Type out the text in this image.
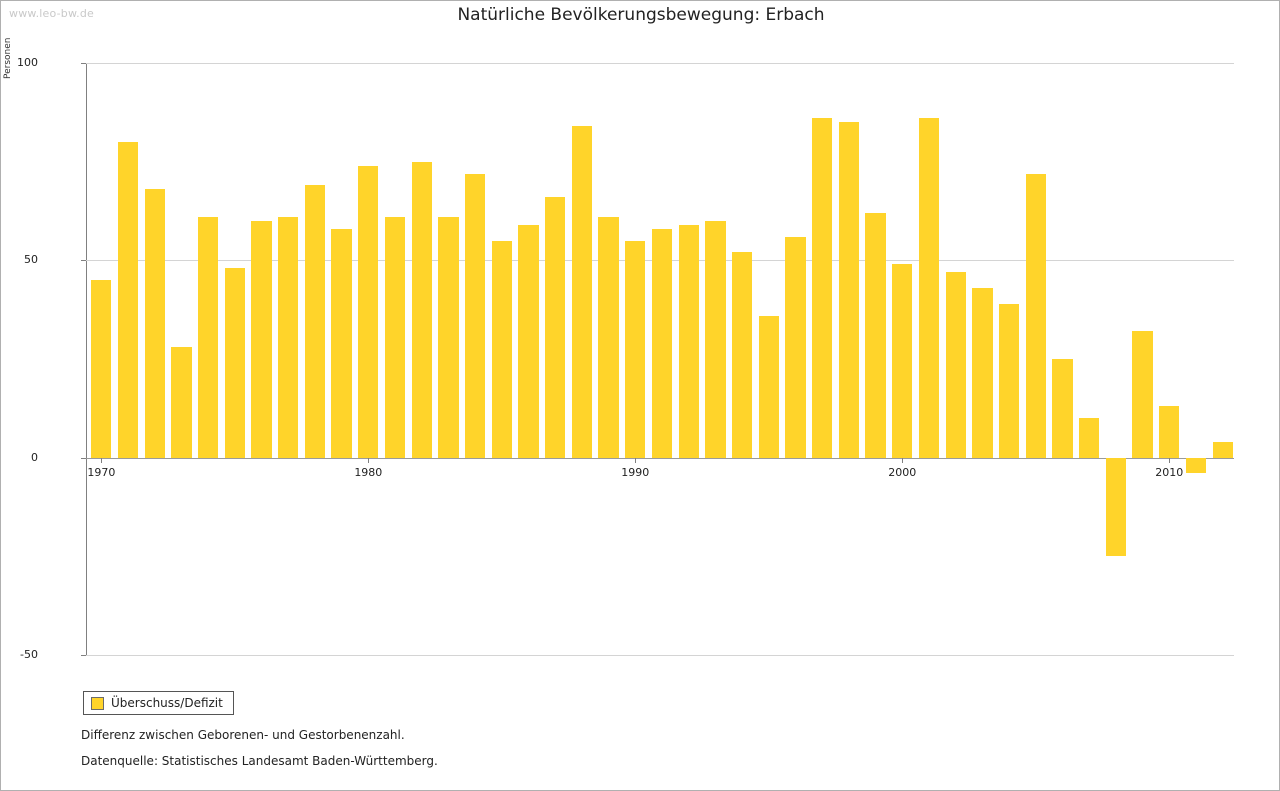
www.leo-bw.de	Natürliche Bevölkerungsbewegung: Erbach
Personen 100
50
0
-50
1970	1980	1990	2000	2010
Überschuss/Defizit
Differenz zwischen Geborenen- und Gestorbenenzahl.
Datenquelle: Statistisches Landesamt Baden-Württemberg.
